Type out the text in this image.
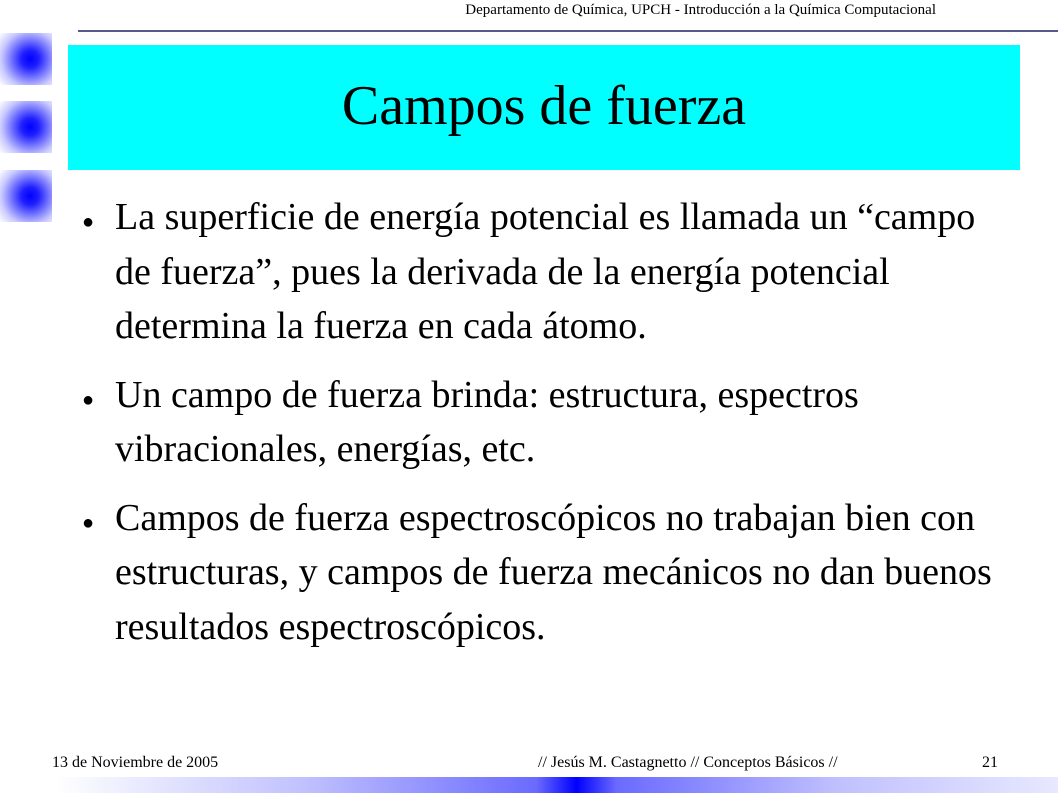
Departamento de Química, UPCH - Introducción a la Química Computacional
Campos de fuerza
● La superficie de energía potencial es llamada un “campo de fuerza”, pues la derivada de la energía potencial determina la fuerza en cada átomo.
● Un campo de fuerza brinda: estructura, espectros vibracionales, energías, etc.
● Campos de fuerza espectroscópicos no trabajan bien con estructuras, y campos de fuerza mecánicos no dan buenos resultados espectroscópicos.
13 de Noviembre de 2005	// Jesús M. Castagnetto // Conceptos Básicos //	21
